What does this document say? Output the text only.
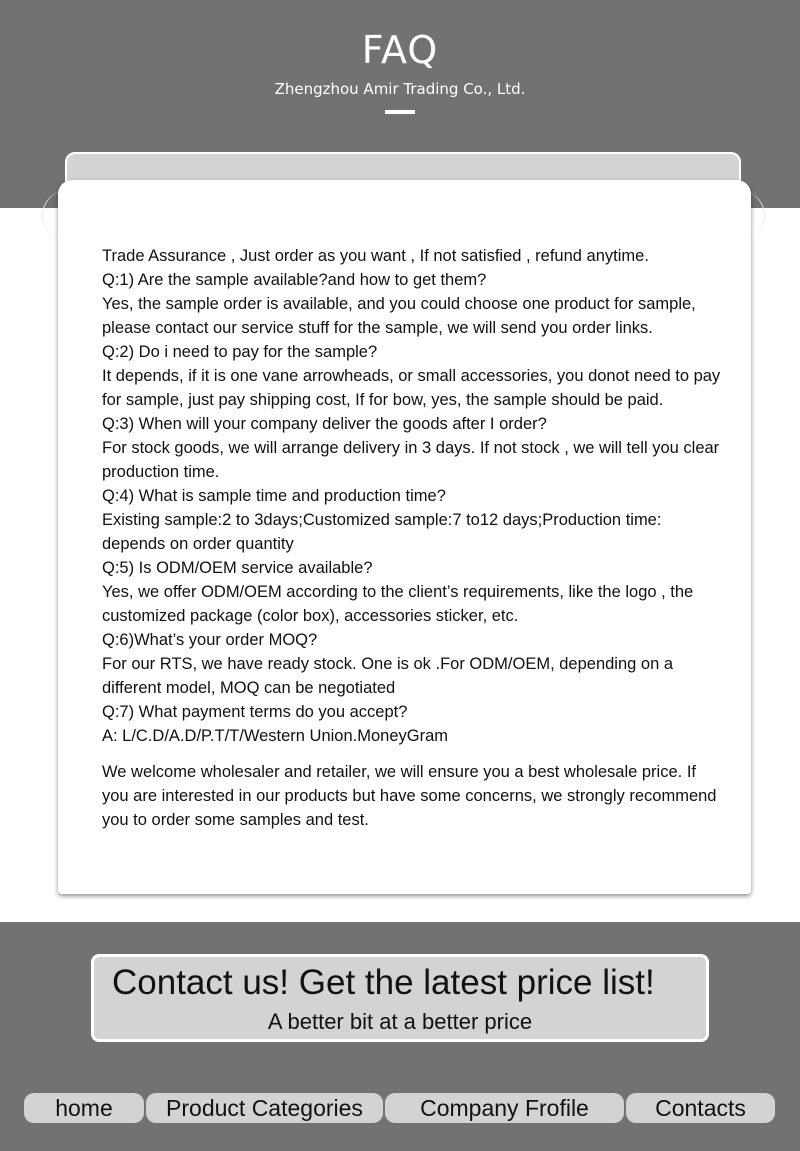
FAQ
Zhengzhou Amir Trading Co., Ltd.

Trade Assurance , Just order as you want , If not satisfied , refund anytime.

Q:1) Are the sample available?and how to get them?

Yes, the sample order is available, and you could choose one product for sample, please contact our service stuff for the sample, we will send you order links.

Q:2) Do i need to pay for the sample?

It depends, if it is one vane arrowheads, or small accessories, you donot need to pay for sample, just pay shipping cost, If for bow, yes, the sample should be paid.

Q:3) When will your company deliver the goods after I order?

For stock goods, we will arrange delivery in 3 days. If not stock , we will tell you clear production time.

Q:4) What is sample time and production time?

Existing sample:2 to 3days;Customized sample:7 to12 days;Production time: depends on order quantity

Q:5) Is ODM/OEM service available?

Yes, we offer ODM/OEM according to the client’s requirements, like the logo , the customized package (color box), accessories sticker, etc.

Q:6)What’s your order MOQ?

For our RTS, we have ready stock. One is ok .For ODM/OEM, depending on a different model, MOQ can be negotiated

Q:7) What payment terms do you accept?

A: L/C.D/A.D/P.T/T/Western Union.MoneyGram

We welcome wholesaler and retailer, we will ensure you a best wholesale price. If you are interested in our products but have some concerns, we strongly recommend you to order some samples and test.

Contact us! Get the latest price list!
A better bit at a better price
home	Product Categories	Company Frofile	Contacts
